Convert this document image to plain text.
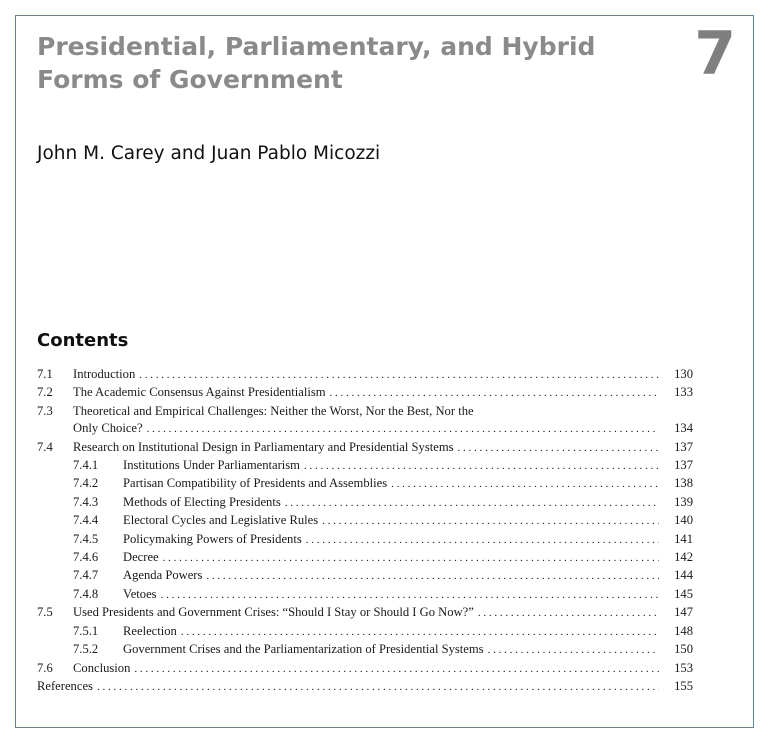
Presidential, Parliamentary, and Hybrid Forms of Government	7
John M. Carey and Juan Pablo Micozzi
Contents
7.1	Introduction . . .	130
7.2	The Academic Consensus Against Presidentialism . . .	133
7.3	Theoretical and Empirical Challenges: Neither the Worst, Nor the Best, Nor the
Only Choice? . . .	134
7.4	Research on Institutional Design in Parliamentary and Presidential Systems . . .	137
7.4.1	Institutions Under Parliamentarism . . .	137
7.4.2	Partisan Compatibility of Presidents and Assemblies . . .	138
7.4.3	Methods of Electing Presidents . . .	139
7.4.4	Electoral Cycles and Legislative Rules . . .	140
7.4.5	Policymaking Powers of Presidents . . .	141
7.4.6	Decree . . .	142
7.4.7	Agenda Powers . . .	144
7.4.8	Vetoes . . .	145
7.5	Used Presidents and Government Crises: “Should I Stay or Should I Go Now?” . . .	147
7.5.1	Reelection . . .	148
7.5.2	Government Crises and the Parliamentarization of Presidential Systems . . .	150
7.6	Conclusion . . .	153
References . . .	155
